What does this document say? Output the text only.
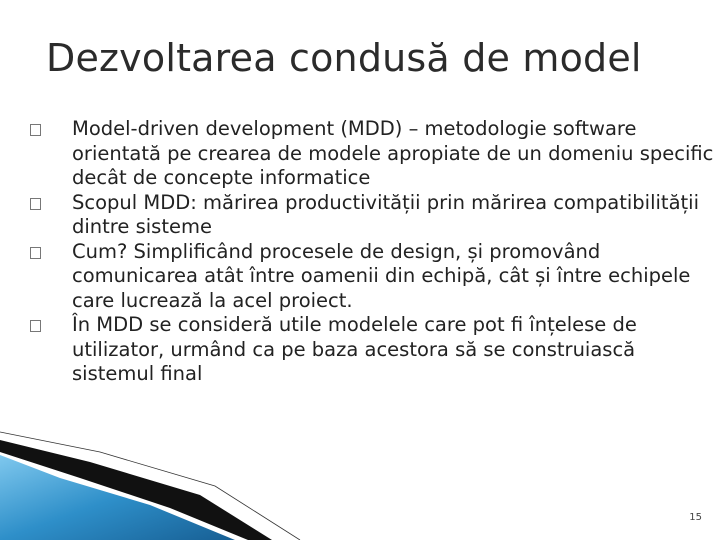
Dezvoltarea condusă de model
Model-driven development (MDD) – metodologie software orientată pe crearea de modele apropiate de un domeniu specific decât de concepte informatice
Scopul MDD: mărirea productivității prin mărirea compatibilității dintre sisteme
Cum? Simplificând procesele de design, și promovând comunicarea atât între oamenii din echipă, cât și între echipele care lucrează la acel proiect.
În MDD se consideră utile modelele care pot fi înțelese de utilizator, urmând ca pe baza acestora să se construiască sistemul final
15
